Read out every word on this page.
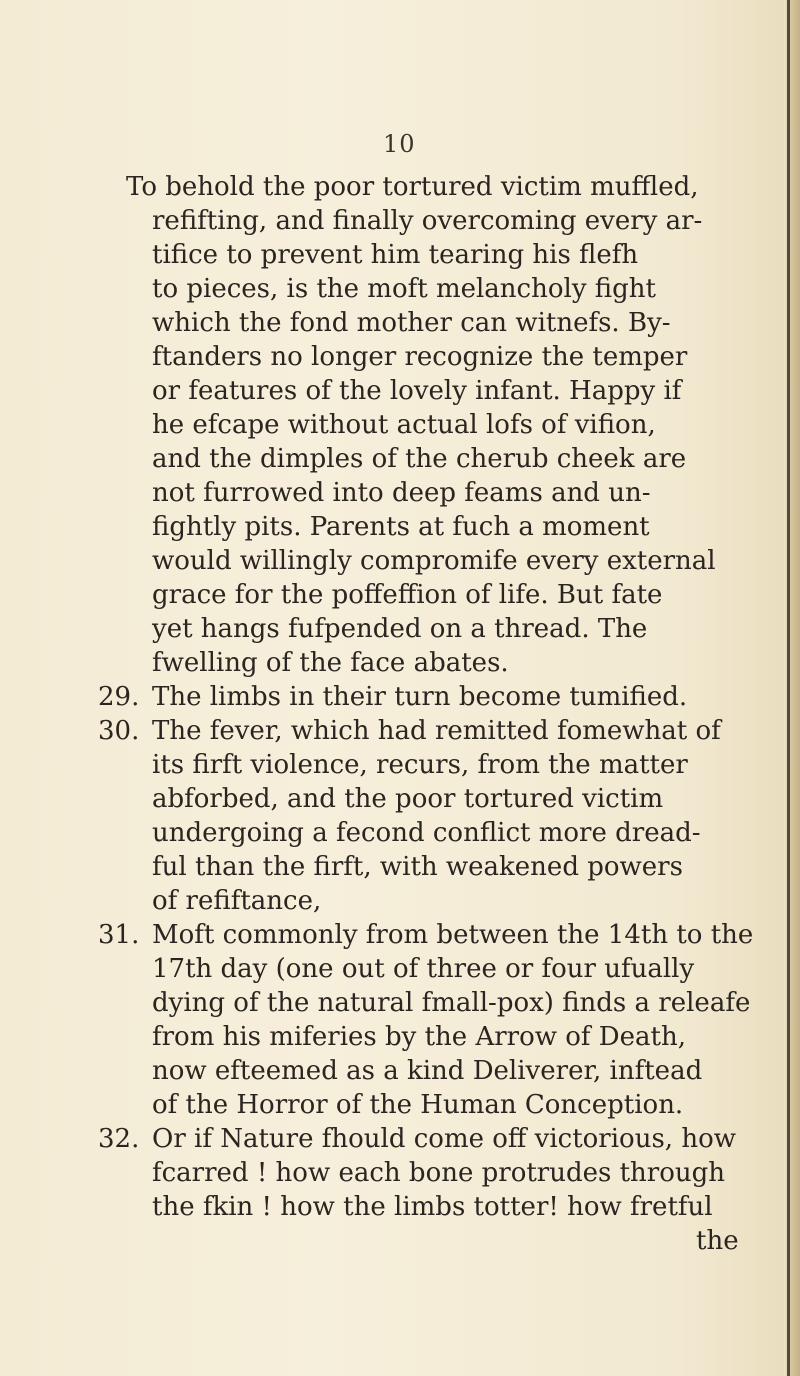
10
To behold the poor tortured victim muffled,
refifting, and finally overcoming every ar-
tifice to prevent him tearing his flefh
to pieces, is the moft melancholy fight
which the fond mother can witnefs. By-
ftanders no longer recognize the temper
or features of the lovely infant. Happy if
he efcape without actual lofs of vifion,
and the dimples of the cherub cheek are
not furrowed into deep feams and un-
fightly pits. Parents at fuch a moment
would willingly compromife every external
grace for the poffeffion of life. But fate
yet hangs fufpended on a thread. The
fwelling of the face abates.
29. The limbs in their turn become tumified.
30. The fever, which had remitted fomewhat of
its firft violence, recurs, from the matter
abforbed, and the poor tortured victim
undergoing a fecond conflict more dread-
ful than the firft, with weakened powers
of refiftance,
31. Moft commonly from between the 14th to the
17th day (one out of three or four ufually
dying of the natural fmall-pox) finds a releafe
from his miferies by the Arrow of Death,
now efteemed as a kind Deliverer, inftead
of the Horror of the Human Conception.
32. Or if Nature fhould come off victorious, how
fcarred ! how each bone protrudes through
the fkin ! how the limbs totter! how fretful
the
